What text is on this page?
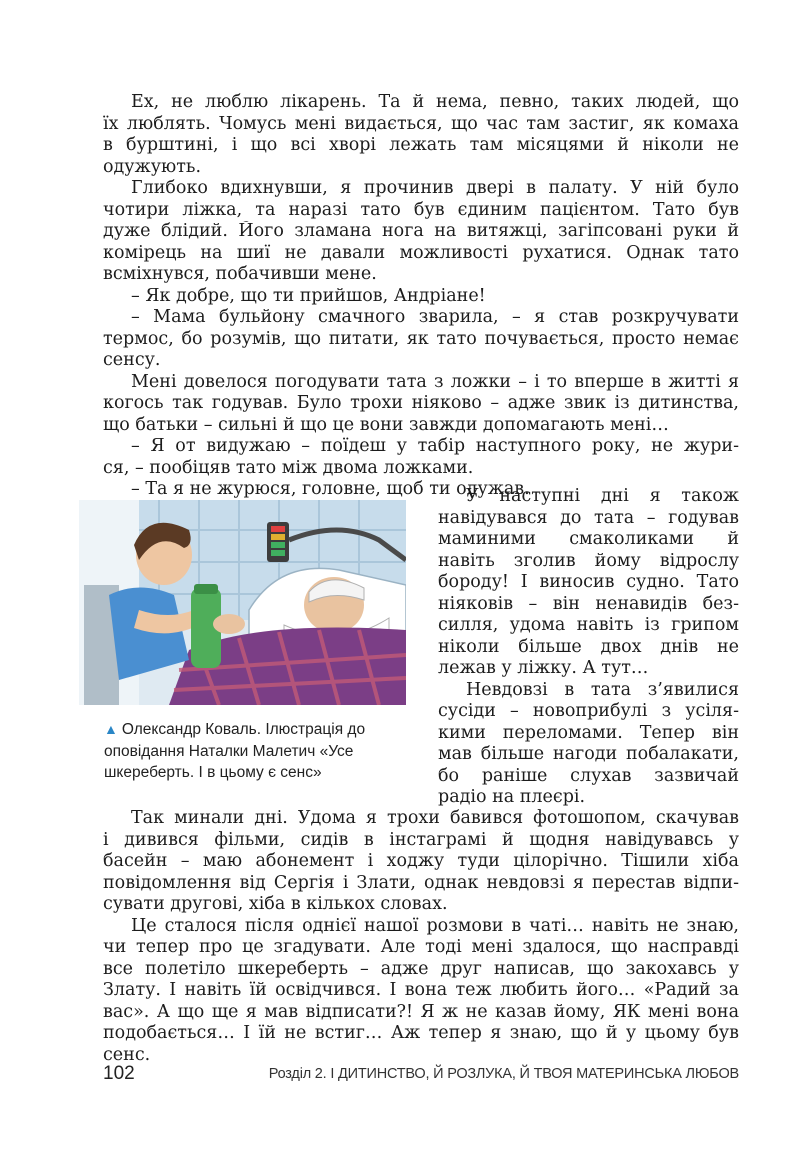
Ех, не люблю лікарень. Та й нема, певно, таких людей, що
їх люблять. Чомусь мені видається, що час там застиг, як комаха
в бурштині, і що всі хворі лежать там місяцями й ніколи не
одужують.
Глибоко вдихнувши, я прочинив двері в палату. У ній було
чотири ліжка, та наразі тато був єдиним пацієнтом. Тато був
дуже блідий. Його зламана нога на витяжці, загіпсовані руки й
комірець на шиї не давали можливості рухатися. Однак тато
всміхнувся, побачивши мене.
– Як добре, що ти прийшов, Андріане!
– Мама бульйону смачного зварила, – я став розкручувати
термос, бо розумів, що питати, як тато почувається, просто немає
сенсу.
Мені довелося погодувати тата з ложки – і то вперше в житті я
когось так годував. Було трохи ніяково – адже звик із дитинства,
що батьки – сильні й що це вони завжди допомагають мені…
– Я от видужаю – поїдеш у табір наступного року, не жури-
ся, – пообіцяв тато між двома ложками.
– Та я не журюся, головне, щоб ти одужав.
▲ Олександр Коваль. Ілюстрація до
оповідання Наталки Малетич «Усе
шкереберть. І в цьому є сенс»
У наступні дні я також
навідувався до тата – годував
маминими смаколиками й
навіть зголив йому відрослу
бороду! І виносив судно. Тато
ніяковів – він ненавидів без-
силля, удома навіть із грипом
ніколи більше двох днів не
лежав у ліжку. А тут…
Невдовзі в тата з’явилися
сусіди – новоприбулі з усіля-
кими переломами. Тепер він
мав більше нагоди побалакати,
бо раніше слухав зазвичай
радіо на плеєрі.
Так минали дні. Удома я трохи бавився фотошопом, скачував
і дивився фільми, сидів в інстаграмі й щодня навідувавсь у
басейн – маю абонемент і ходжу туди цілорічно. Тішили хіба
повідомлення від Сергія і Злати, однак невдовзі я перестав відпи-
сувати другові, хіба в кількох словах.
Це сталося після однієї нашої розмови в чаті… навіть не знаю,
чи тепер про це згадувати. Але тоді мені здалося, що насправді
все полетіло шкереберть – адже друг написав, що закохавсь у
Злату. І навіть їй освідчився. І вона теж любить його… «Радий за
вас». А що ще я мав відписати?! Я ж не казав йому, ЯК мені вона
подобається… І їй не встиг… Аж тепер я знаю, що й у цьому був
сенс.
102	Розділ 2. І ДИТИНСТВО, Й РОЗЛУКА, Й ТВОЯ МАТЕРИНСЬКА ЛЮБОВ
